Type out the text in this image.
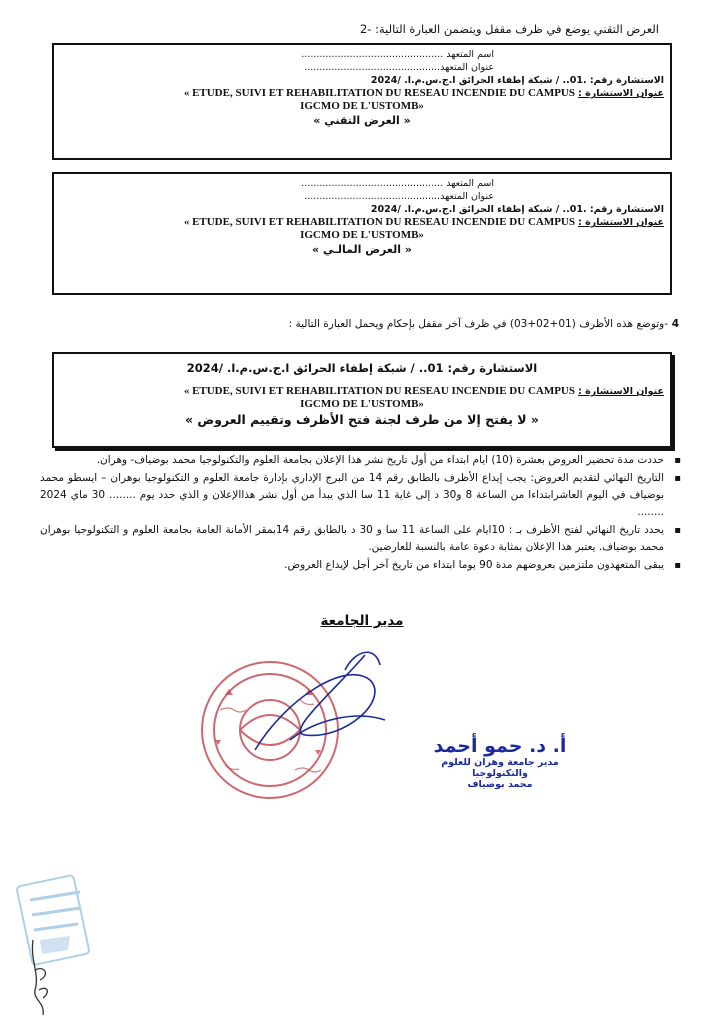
العرض التقني يوضع في ظرف مقفل ويتضمن العبارة التالية: -2
اسم المتعهد ...............................................
عنوان المتعهد.............................................
الاستشارة رقم: .01.. / شبكة إطفاء الحرائق ا.ج.س.م.ا. /2024
« ETUDE, SUIVI ET REHABILITATION DU RESEAU INCENDIE DU CAMPUS عنوان الاستشارة :
IGCMO DE L'USTOMB»
« العرض التقني »
اسم المتعهد ...............................................
عنوان المتعهد.............................................
الاستشارة رقم: .01.. / شبكة إطفاء الحرائق ا.ج.س.م.ا. /2024
« ETUDE, SUIVI ET REHABILITATION DU RESEAU INCENDIE DU CAMPUS عنوان الاستشارة :
IGCMO DE L'USTOMB»
« العرض المالـي »
4 -وتوضع هذه الأظرف (01+02+03) في ظرف آخر مقفل بإحكام ويحمل العبارة التالية :
الاستشارة رقم: 01.. / شبكة إطفاء الحرائق ا.ج.س.م.ا. /2024
« ETUDE, SUIVI ET REHABILITATION DU RESEAU INCENDIE DU CAMPUS عنوان الاستشارة :
IGCMO DE L'USTOMB»
« لا يفتح إلا من طرف لجنة فتح الأظرف وتقييم العروض »
▪ حددت مدة تحضير العروض بعشرة (10) ايام ابتداء من أول تاريخ نشر هذا الإعلان بجامعة العلوم والتكنولوجيا محمد بوضياف- وهران.
▪ التاريخ النهائي لتقديم العروض: يجب إيداع الأظرف بالطابق رقم 14 من البرج الإداري بإدارة جامعة العلوم و التكنولوجيا بوهران – ايسطو محمد بوضياف في اليوم العاشرابتداءا من الساعة 8 و30 د إلى غاية 11 سا الذي يبدأ من أول نشر هذاالإعلان و الذي حدد يوم ........ 30 ماي 2024 ........
▪ يحدد تاريخ النهائي لفتح الأظرف بـ : 10ايام على الساعة 11 سا و 30 د بالطابق رقم 14بمقر الأمانة العامة بجامعة العلوم و التكنولوجيا بوهران محمد بوضياف. يعتبر هذا الإعلان بمثابة دعوة عامة بالنسبة للعارضين.
▪ يبقى المتعهدون ملتزمين بعروضهم مدة 90 يوما ابتداء من تاريخ آخر أجل لإيداع العروض.
مدير الجامعة
أ. د. حمو أحمد
مدير جامعة وهران للعلوم والتكنولوجيا
محمد بوضياف
